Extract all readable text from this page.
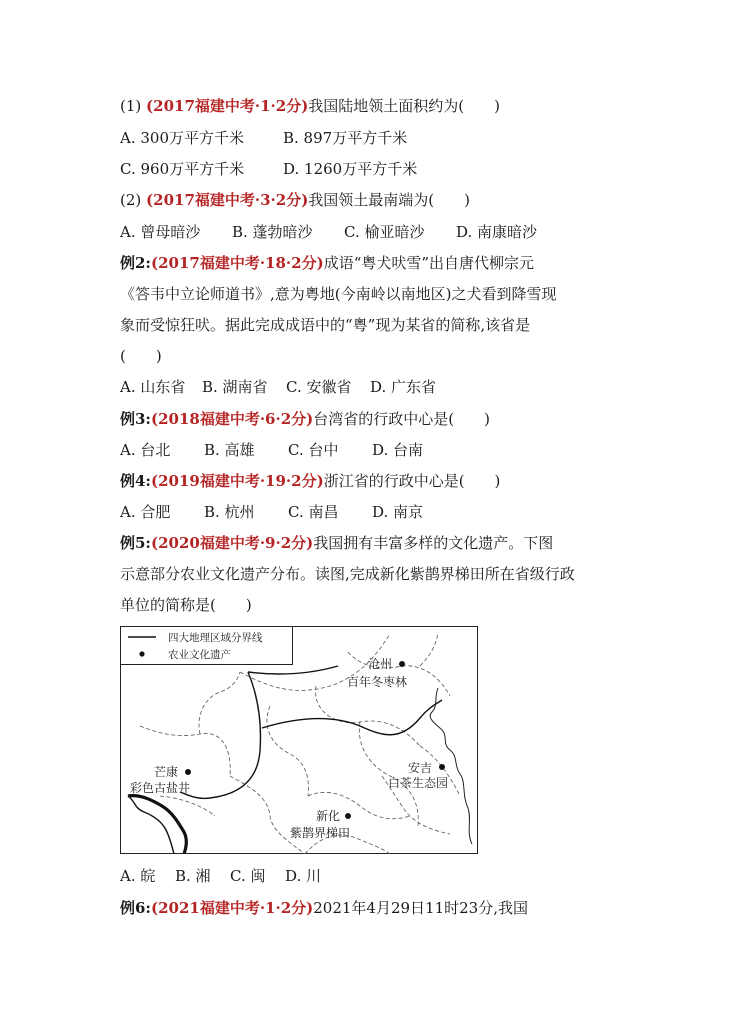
(1) (2017福建中考·1·2分)我国陆地领土面积约为(　　)
A. 300万平方千米	B. 897万平方千米
C. 960万平方千米	D. 1260万平方千米
(2) (2017福建中考·3·2分)我国领土最南端为(　　)
A. 曾母暗沙 B. 蓬勃暗沙 C. 榆亚暗沙 D. 南康暗沙
例2:(2017福建中考·18·2分)成语“粤犬吠雪”出自唐代柳宗元
《答韦中立论师道书》,意为粤地(今南岭以南地区)之犬看到降雪现
象而受惊狂吠。据此完成成语中的“粤”现为某省的简称,该省是
(　　)
A. 山东省 B. 湖南省 C. 安徽省 D. 广东省
例3:(2018福建中考·6·2分)台湾省的行政中心是(　　)
A. 台北 B. 高雄 C. 台中 D. 台南
例4:(2019福建中考·19·2分)浙江省的行政中心是(　　)
A. 合肥 B. 杭州 C. 南昌 D. 南京
例5:(2020福建中考·9·2分)我国拥有丰富多样的文化遗产。下图
示意部分农业文化遗产分布。读图,完成新化紫鹊界梯田所在省级行政
单位的简称是(　　)
四大地理区域分界线
农业文化遗产
沧州
百年冬枣林
芒康
彩色古盐井
安吉
白茶生态园
新化
紫鹊界梯田
A. 皖 B. 湘 C. 闽 D. 川
例6:(2021福建中考·1·2分)2021年4月29日11时23分,我国
